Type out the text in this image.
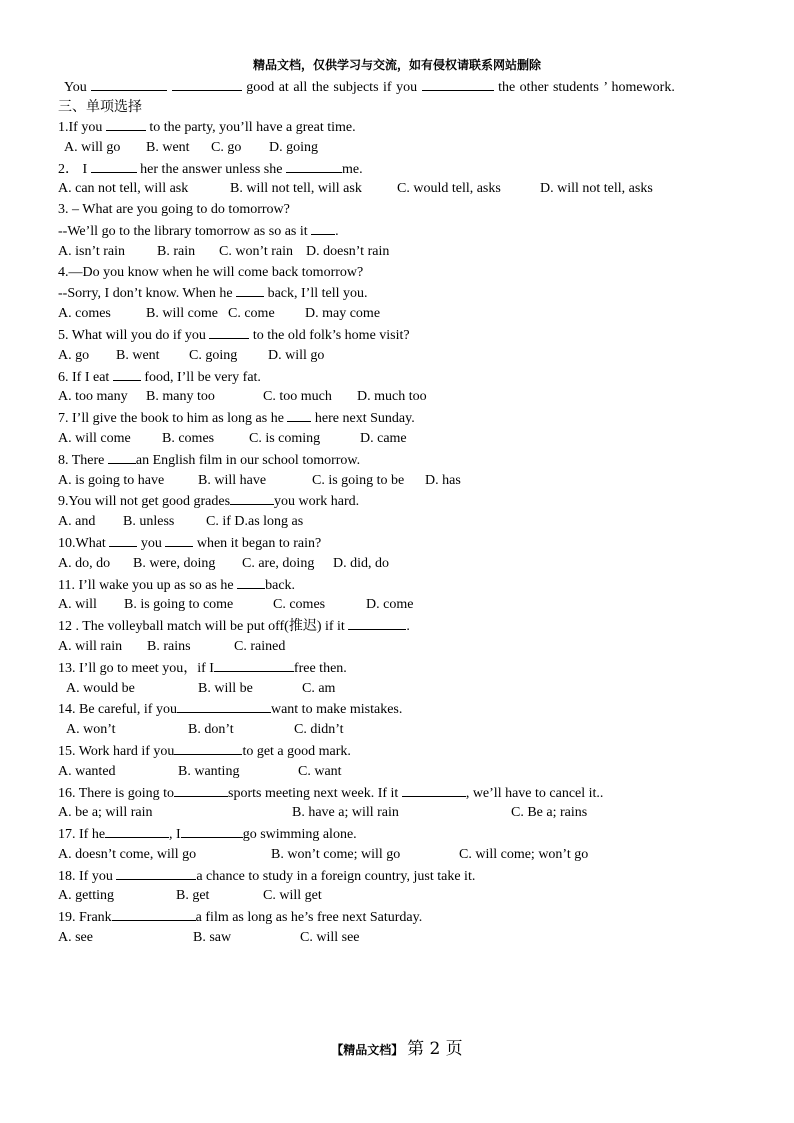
精品文档，仅供学习与交流，如有侵权请联系网站删除
You	good at all the subjects if you	the other students ’ homework.
三、单项选择
1.If you	to the party, you’ll have a great time.
A. will go B. went C. go D. going
2． I	her the answer unless she	me.
A. can not tell, will ask	B. will not tell, will ask	C. would tell, asks	D. will not tell, asks
3. – What are you going to do tomorrow?
--We’ll go to the library tomorrow as so as it .
A. isn’t rain B. rain C. won’t rain D. doesn’t rain
4.—Do you know when he will come back tomorrow?
--Sorry, I don’t know. When he  back, I’ll tell you.
A. comes	B. will come C. come D. may come
5. What will you do if you	to the old folk’s home visit?
A. go B. went C. going D. will go
6. If I eat  food, I’ll be very fat.
A. too many B. many too	C. too much D. much too
7. I’ll give the book to him as long as he  here next Sunday.
A. will come B. comes C. is coming	D. came
8. There an English film in our school tomorrow.
A. is going to have B. will have	C. is going to be D. has
9.You will not get good grades	you work hard.
A. and B. unless C. if D.as long as
10.What  you  when it began to rain?
A. do, do B. were, doing C. are, doing D. did, do
11. I’ll wake you up as so as he back.
A. will B. is going to come	C. comes	D. come
12 . The volleyball match will be put off(推迟) if it	.
A. will rain B. rains	C. rained
13. I’ll go to meet you，if I	free then.
A. would be	B. will be	C. am
14. Be careful, if you	want to make mistakes.
A. won’t	B. don’t	C. didn’t
15. Work hard if you	to get a good mark.
A. wanted	B. wanting	C. want
16. There is going to	sports meeting next week. If it	, we’ll have to cancel it..
A. be a; will rain	B. have a; will rain	C. Be a; rains
17. If he	, I	go swimming alone.
A. doesn’t come, will go	B. won’t come; will go	C. will come; won’t go
18. If you	a chance to study in a foreign country, just take it.
A. getting	B. get	C. will get
19. Frank	a film as long as he’s free next Saturday.
A. see	B. saw	C. will see
【精品文档】 第 2 页
